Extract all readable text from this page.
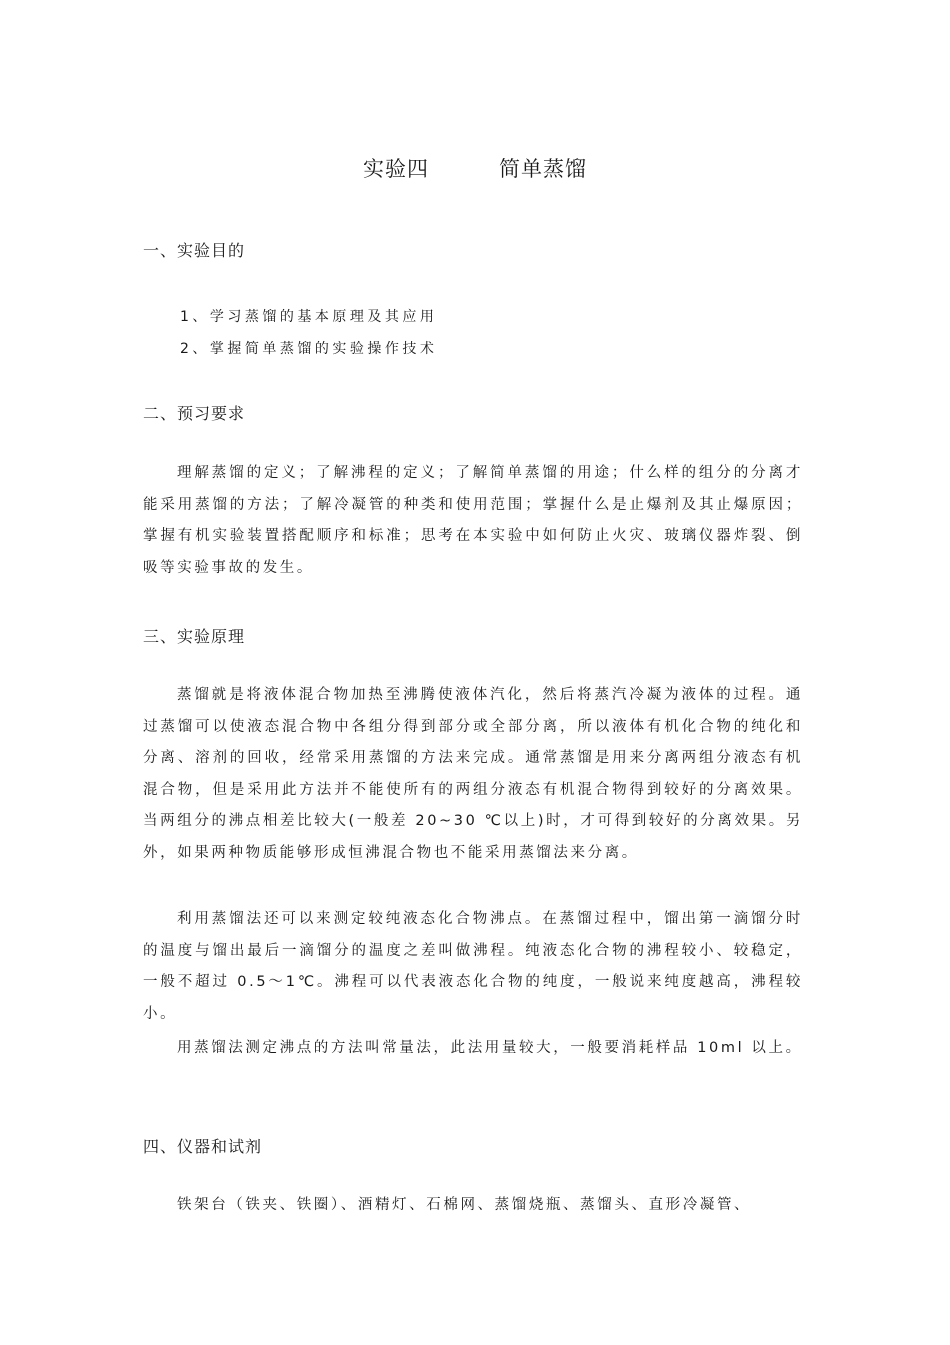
实验四	简单蒸馏
一、实验目的
1、学习蒸馏的基本原理及其应用
2、掌握简单蒸馏的实验操作技术
二、预习要求

理解蒸馏的定义；了解沸程的定义；了解简单蒸馏的用途；什么样的组分的分离才能采用蒸馏的方法；了解冷凝管的种类和使用范围；掌握什么是止爆剂及其止爆原因；掌握有机实验装置搭配顺序和标准；思考在本实验中如何防止火灾、玻璃仪器炸裂、倒吸等实验事故的发生。

三、实验原理

蒸馏就是将液体混合物加热至沸腾使液体汽化，然后将蒸汽冷凝为液体的过程。通过蒸馏可以使液态混合物中各组分得到部分或全部分离，所以液体有机化合物的纯化和分离、溶剂的回收，经常采用蒸馏的方法来完成。通常蒸馏是用来分离两组分液态有机混合物，但是采用此方法并不能使所有的两组分液态有机混合物得到较好的分离效果。当两组分的沸点相差比较大(一般差 20~30 ℃以上)时，才可得到较好的分离效果。另外，如果两种物质能够形成恒沸混合物也不能采用蒸馏法来分离。

利用蒸馏法还可以来测定较纯液态化合物沸点。在蒸馏过程中，馏出第一滴馏分时的温度与馏出最后一滴馏分的温度之差叫做沸程。纯液态化合物的沸程较小、较稳定，一般不超过 0.5～1℃。沸程可以代表液态化合物的纯度，一般说来纯度越高，沸程较小。

用蒸馏法测定沸点的方法叫常量法，此法用量较大，一般要消耗样品 10ml 以上。

四、仪器和试剂

铁架台（铁夹、铁圈）、酒精灯、石棉网、蒸馏烧瓶、蒸馏头、直形冷凝管、
